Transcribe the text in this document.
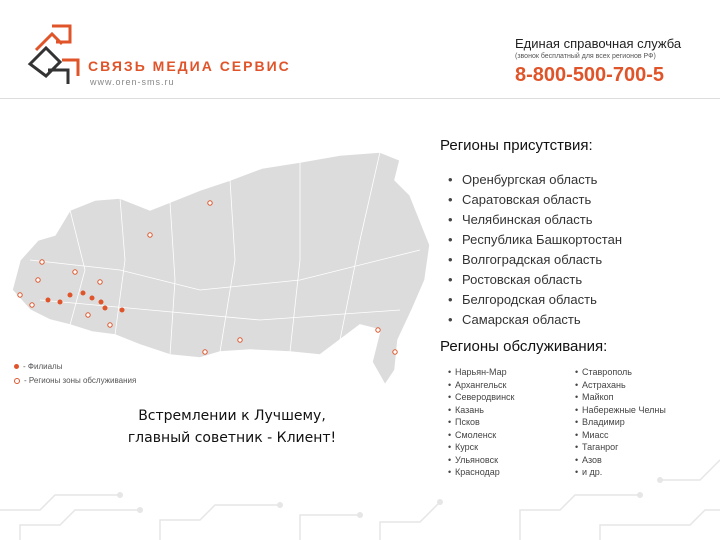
СВЯЗЬ МЕДИА СЕРВИС
www.oren-sms.ru
Единая справочная служба
(звонок бесплатный для всех регионов РФ)
8-800-500-700-5
- Филиалы
- Регионы зоны обслуживания
Регионы присутствия:
• Оренбургская область
• Саратовская область
• Челябинская область
• Республика Башкортостан
• Волгоградская область
• Ростовская область
• Белгородская область
• Самарская область
Регионы обслуживания:
• Нарьян-Мар
• Архангельск
• Северодвинск
• Казань
• Псков
• Смоленск
• Курск
• Ульяновск
• Краснодар
• Ставрополь
• Астрахань
• Майкоп
• Набережные Челны
• Владимир
• Миасс
• Таганрог
• Азов
• и др.
Встремлении к Лучшему,
главный советник - Клиент!
